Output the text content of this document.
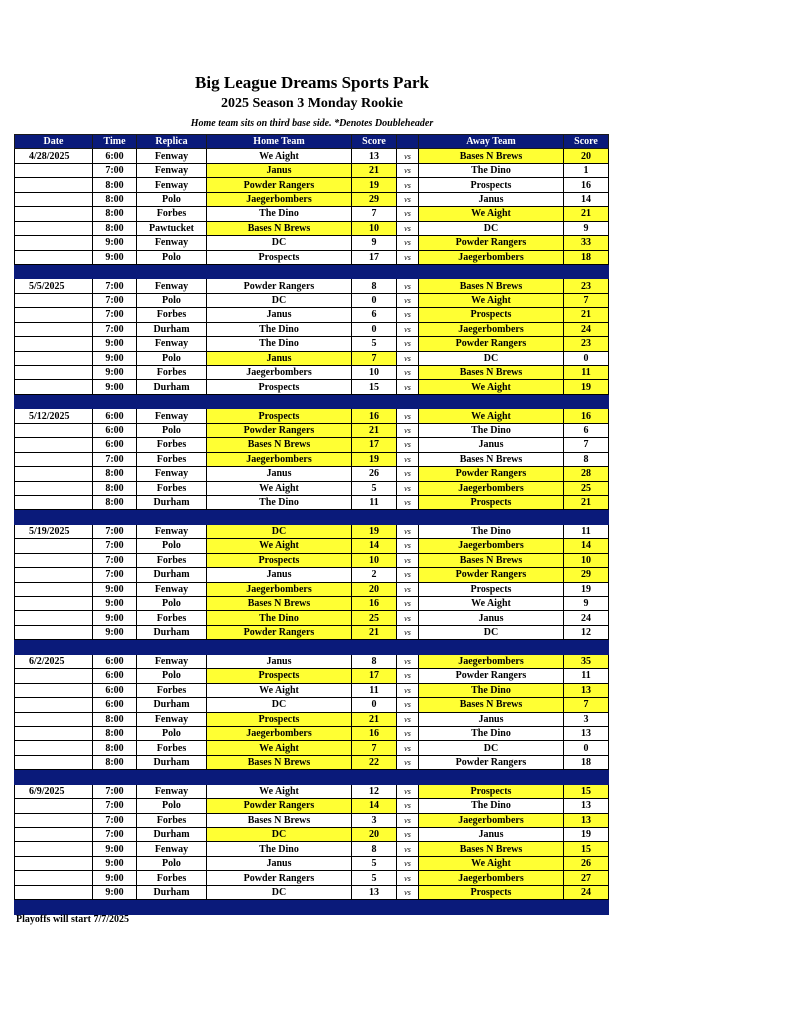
Big League Dreams Sports Park
2025 Season 3 Monday Rookie
Home team sits on third base side. *Denotes Doubleheader
Date	Time	Replica	Home Team	Score		Away Team	Score
4/28/2025	6:00	Fenway	We Aight	13	vs	Bases N Brews	20
	7:00	Fenway	Janus	21	vs	The Dino	1
	8:00	Fenway	Powder Rangers	19	vs	Prospects	16
	8:00	Polo	Jaegerbombers	29	vs	Janus	14
	8:00	Forbes	The Dino	7	vs	We Aight	21
	8:00	Pawtucket	Bases N Brews	10	vs	DC	9
	9:00	Fenway	DC	9	vs	Powder Rangers	33
	9:00	Polo	Prospects	17	vs	Jaegerbombers	18

5/5/2025	7:00	Fenway	Powder Rangers	8	vs	Bases N Brews	23
	7:00	Polo	DC	0	vs	We Aight	7
	7:00	Forbes	Janus	6	vs	Prospects	21
	7:00	Durham	The Dino	0	vs	Jaegerbombers	24
	9:00	Fenway	The Dino	5	vs	Powder Rangers	23
	9:00	Polo	Janus	7	vs	DC	0
	9:00	Forbes	Jaegerbombers	10	vs	Bases N Brews	11
	9:00	Durham	Prospects	15	vs	We Aight	19

5/12/2025	6:00	Fenway	Prospects	16	vs	We Aight	16
	6:00	Polo	Powder Rangers	21	vs	The Dino	6
	6:00	Forbes	Bases N Brews	17	vs	Janus	7
	7:00	Forbes	Jaegerbombers	19	vs	Bases N Brews	8
	8:00	Fenway	Janus	26	vs	Powder Rangers	28
	8:00	Forbes	We Aight	5	vs	Jaegerbombers	25
	8:00	Durham	The Dino	11	vs	Prospects	21

5/19/2025	7:00	Fenway	DC	19	vs	The Dino	11
	7:00	Polo	We Aight	14	vs	Jaegerbombers	14
	7:00	Forbes	Prospects	10	vs	Bases N Brews	10
	7:00	Durham	Janus	2	vs	Powder Rangers	29
	9:00	Fenway	Jaegerbombers	20	vs	Prospects	19
	9:00	Polo	Bases N Brews	16	vs	We Aight	9
	9:00	Forbes	The Dino	25	vs	Janus	24
	9:00	Durham	Powder Rangers	21	vs	DC	12

6/2/2025	6:00	Fenway	Janus	8	vs	Jaegerbombers	35
	6:00	Polo	Prospects	17	vs	Powder Rangers	11
	6:00	Forbes	We Aight	11	vs	The Dino	13
	6:00	Durham	DC	0	vs	Bases N Brews	7
	8:00	Fenway	Prospects	21	vs	Janus	3
	8:00	Polo	Jaegerbombers	16	vs	The Dino	13
	8:00	Forbes	We Aight	7	vs	DC	0
	8:00	Durham	Bases N Brews	22	vs	Powder Rangers	18

6/9/2025	7:00	Fenway	We Aight	12	vs	Prospects	15
	7:00	Polo	Powder Rangers	14	vs	The Dino	13
	7:00	Forbes	Bases N Brews	3	vs	Jaegerbombers	13
	7:00	Durham	DC	20	vs	Janus	19
	9:00	Fenway	The Dino	8	vs	Bases N Brews	15
	9:00	Polo	Janus	5	vs	We Aight	26
	9:00	Forbes	Powder Rangers	5	vs	Jaegerbombers	27
	9:00	Durham	DC	13	vs	Prospects	24

Playoffs will start 7/7/2025
